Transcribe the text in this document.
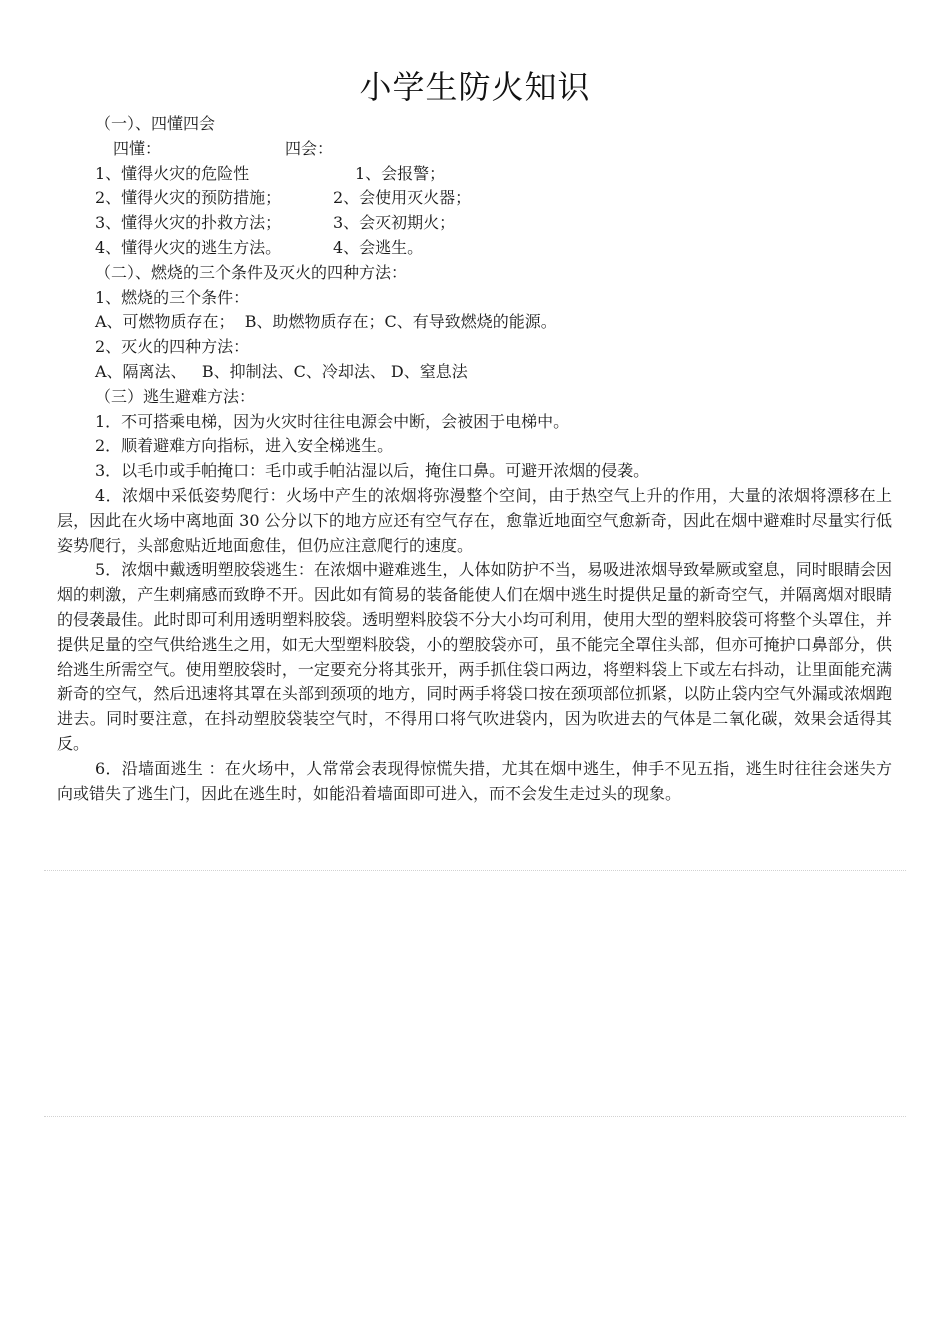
小学生防火知识
（一）、四懂四会
四懂：	四会：
1、懂得火灾的危险性	1、会报警；
2、懂得火灾的预防措施；	2、会使用灭火器；
3、懂得火灾的扑救方法；	3、会灭初期火；
4、懂得火灾的逃生方法。	4、会逃生。
（二）、燃烧的三个条件及灭火的四种方法：
1、燃烧的三个条件：
A、可燃物质存在；  B、助燃物质存在；C、有导致燃烧的能源。
2、灭火的四种方法：
A、隔离法、   B、抑制法、C、冷却法、 D、窒息法
（三）逃生避难方法：
1．不可搭乘电梯，因为火灾时往往电源会中断，会被困于电梯中。
2．顺着避难方向指标，进入安全梯逃生。
3．以毛巾或手帕掩口：毛巾或手帕沾湿以后，掩住口鼻。可避开浓烟的侵袭。

4．浓烟中采低姿势爬行：火场中产生的浓烟将弥漫整个空间，由于热空气上升的作用，大量的浓烟将漂移在上层，因此在火场中离地面 30 公分以下的地方应还有空气存在，愈靠近地面空气愈新奇，因此在烟中避难时尽量实行低姿势爬行，头部愈贴近地面愈佳，但仍应注意爬行的速度。

5．浓烟中戴透明塑胶袋逃生：在浓烟中避难逃生，人体如防护不当，易吸进浓烟导致晕厥或窒息，同时眼睛会因烟的刺激，产生刺痛感而致睁不开。因此如有简易的装备能使人们在烟中逃生时提供足量的新奇空气，并隔离烟对眼睛的侵袭最佳。此时即可利用透明塑料胶袋。透明塑料胶袋不分大小均可利用，使用大型的塑料胶袋可将整个头罩住，并提供足量的空气供给逃生之用，如无大型塑料胶袋，小的塑胶袋亦可，虽不能完全罩住头部，但亦可掩护口鼻部分，供给逃生所需空气。使用塑胶袋时，一定要充分将其张开，两手抓住袋口两边，将塑料袋上下或左右抖动，让里面能充满新奇的空气，然后迅速将其罩在头部到颈项的地方，同时两手将袋口按在颈项部位抓紧，以防止袋内空气外漏或浓烟跑进去。同时要注意，在抖动塑胶袋装空气时，不得用口将气吹进袋内，因为吹进去的气体是二氧化碳，效果会适得其反。

6．沿墙面逃生 ：在火场中，人常常会表现得惊慌失措，尤其在烟中逃生，伸手不见五指，逃生时往往会迷失方向或错失了逃生门，因此在逃生时，如能沿着墙面即可进入，而不会发生走过头的现象。
